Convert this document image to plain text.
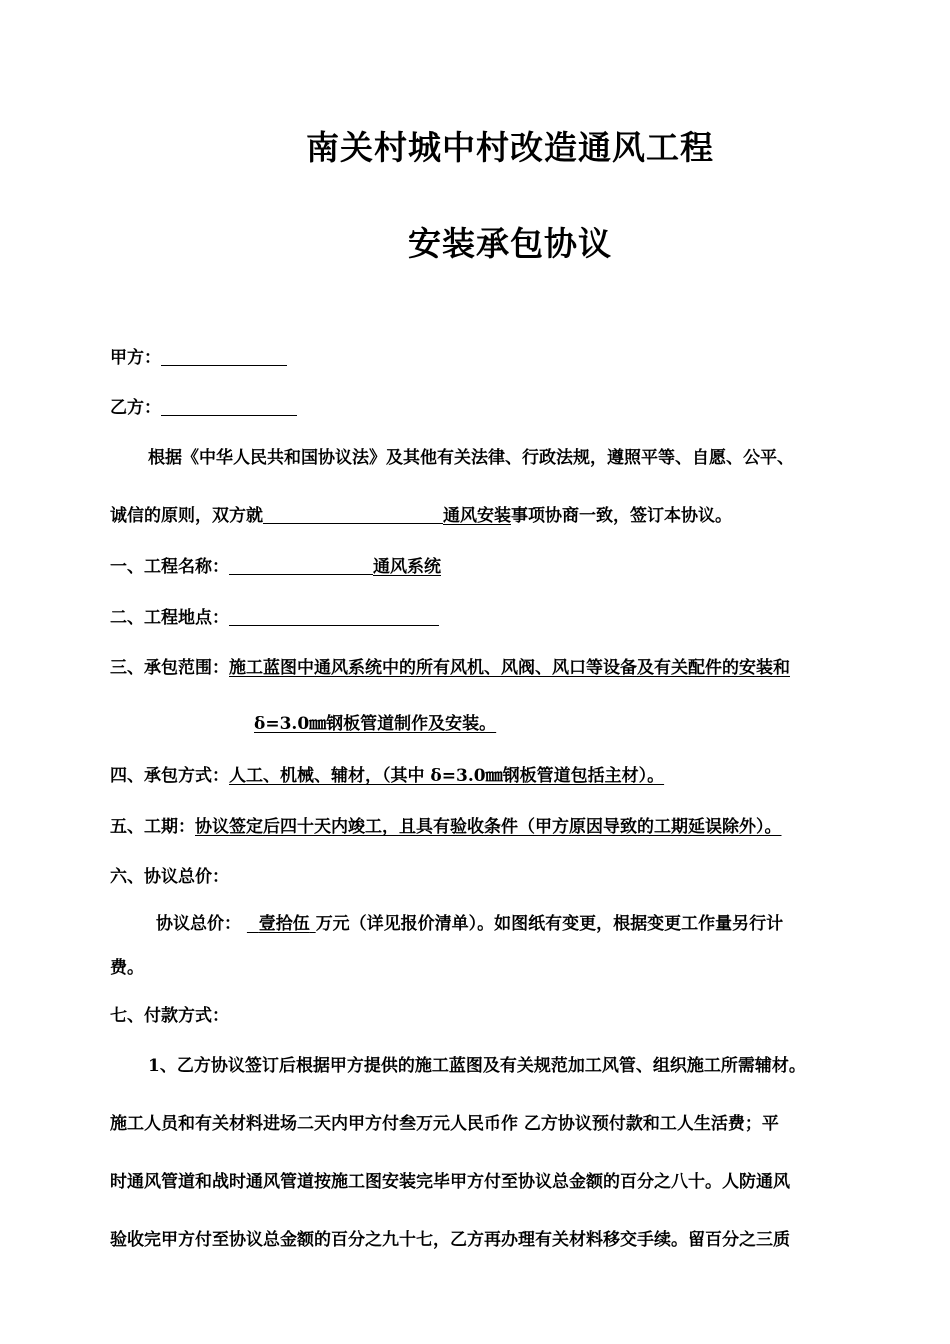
南关村城中村改造通风工程
安装承包协议
甲方：
乙方：
根据《中华人民共和国协议法》及其他有关法律、行政法规，遵照平等、自愿、公平、
诚信的原则，双方就	通风安装事项协商一致，签订本协议。
一、工程名称：	通风系统
二、工程地点：
三、承包范围：施工蓝图中通风系统中的所有风机、风阀、风口等设备及有关配件的安装和
δ=3.0㎜钢板管道制作及安装。
四、承包方式：人工、机械、辅材，（其中 δ=3.0㎜钢板管道包括主材）。
五、工期：协议签定后四十天内竣工，且具有验收条件（甲方原因导致的工期延误除外）。
六、协议总价：
协议总价： 壹拾伍 万元（详见报价清单）。如图纸有变更，根据变更工作量另行计
费。
七、付款方式：
1、乙方协议签订后根据甲方提供的施工蓝图及有关规范加工风管、组织施工所需辅材。
施工人员和有关材料进场二天内甲方付叁万元人民币作 乙方协议预付款和工人生活费；平
时通风管道和战时通风管道按施工图安装完毕甲方付至协议总金额的百分之八十。人防通风
验收完甲方付至协议总金额的百分之九十七，乙方再办理有关材料移交手续。留百分之三质
